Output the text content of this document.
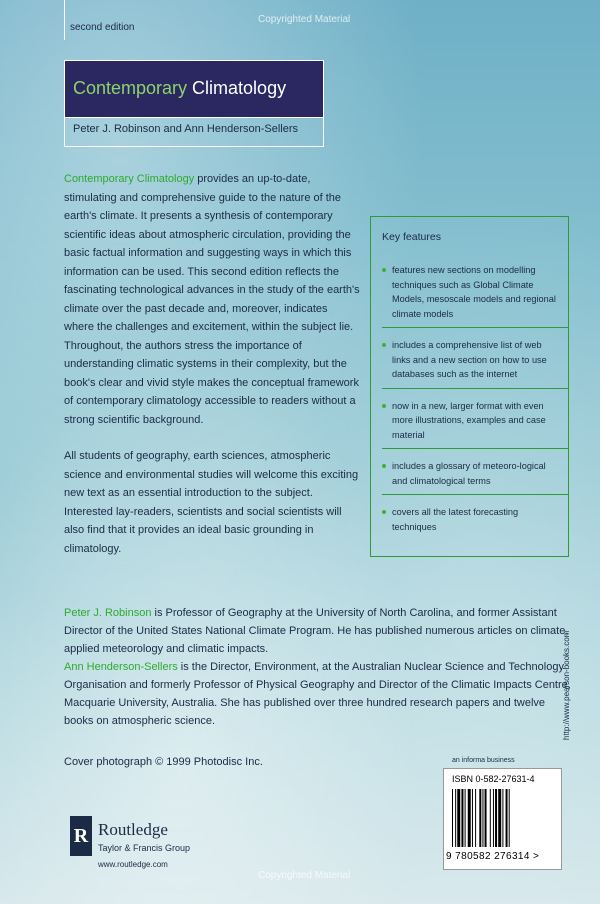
second edition
Copyrighted Material
Contemporary Climatology
Peter J. Robinson and Ann Henderson-Sellers

Contemporary Climatology provides an up-to-date, stimulating and comprehensive guide to the nature of the earth's climate. It presents a synthesis of contemporary scientific ideas about atmospheric circulation, providing the basic factual information and suggesting ways in which this information can be used. This second edition reflects the fascinating technological advances in the study of the earth's climate over the past decade and, moreover, indicates where the challenges and excitement, within the subject lie. Throughout, the authors stress the importance of understanding climatic systems in their complexity, but the book's clear and vivid style makes the conceptual framework of contemporary climatology accessible to readers without a strong scientific background.

All students of geography, earth sciences, atmospheric science and environmental studies will welcome this exciting new text as an essential introduction to the subject. Interested lay-readers, scientists and social scientists will also find that it provides an ideal basic grounding in climatology.

Key features
features new sections on modelling techniques such as Global Climate Models, mesoscale models and regional climate models
includes a comprehensive list of web links and a new section on how to use databases such as the internet
now in a new, larger format with even more illustrations, examples and case material
includes a glossary of meteoro-logical and climatological terms
covers all the latest forecasting techniques

Peter J. Robinson is Professor of Geography at the University of North Carolina, and former Assistant Director of the United States National Climate Program. He has published numerous articles on climate, applied meteorology and climatic impacts.

Ann Henderson-Sellers is the Director, Environment, at the Australian Nuclear Science and Technology Organisation and formerly Professor of Physical Geography and Director of the Climatic Impacts Centre, Macquarie University, Australia. She has published over three hundred research papers and twelve books on atmospheric science.

Cover photograph © 1999 Photodisc Inc.	an informa business
http://www.pearson-books.com
ISBN 0-582-27631-4
9 780582 276314 >
R Routledge
Taylor & Francis Group
www.routledge.com
Copyrighted Material
